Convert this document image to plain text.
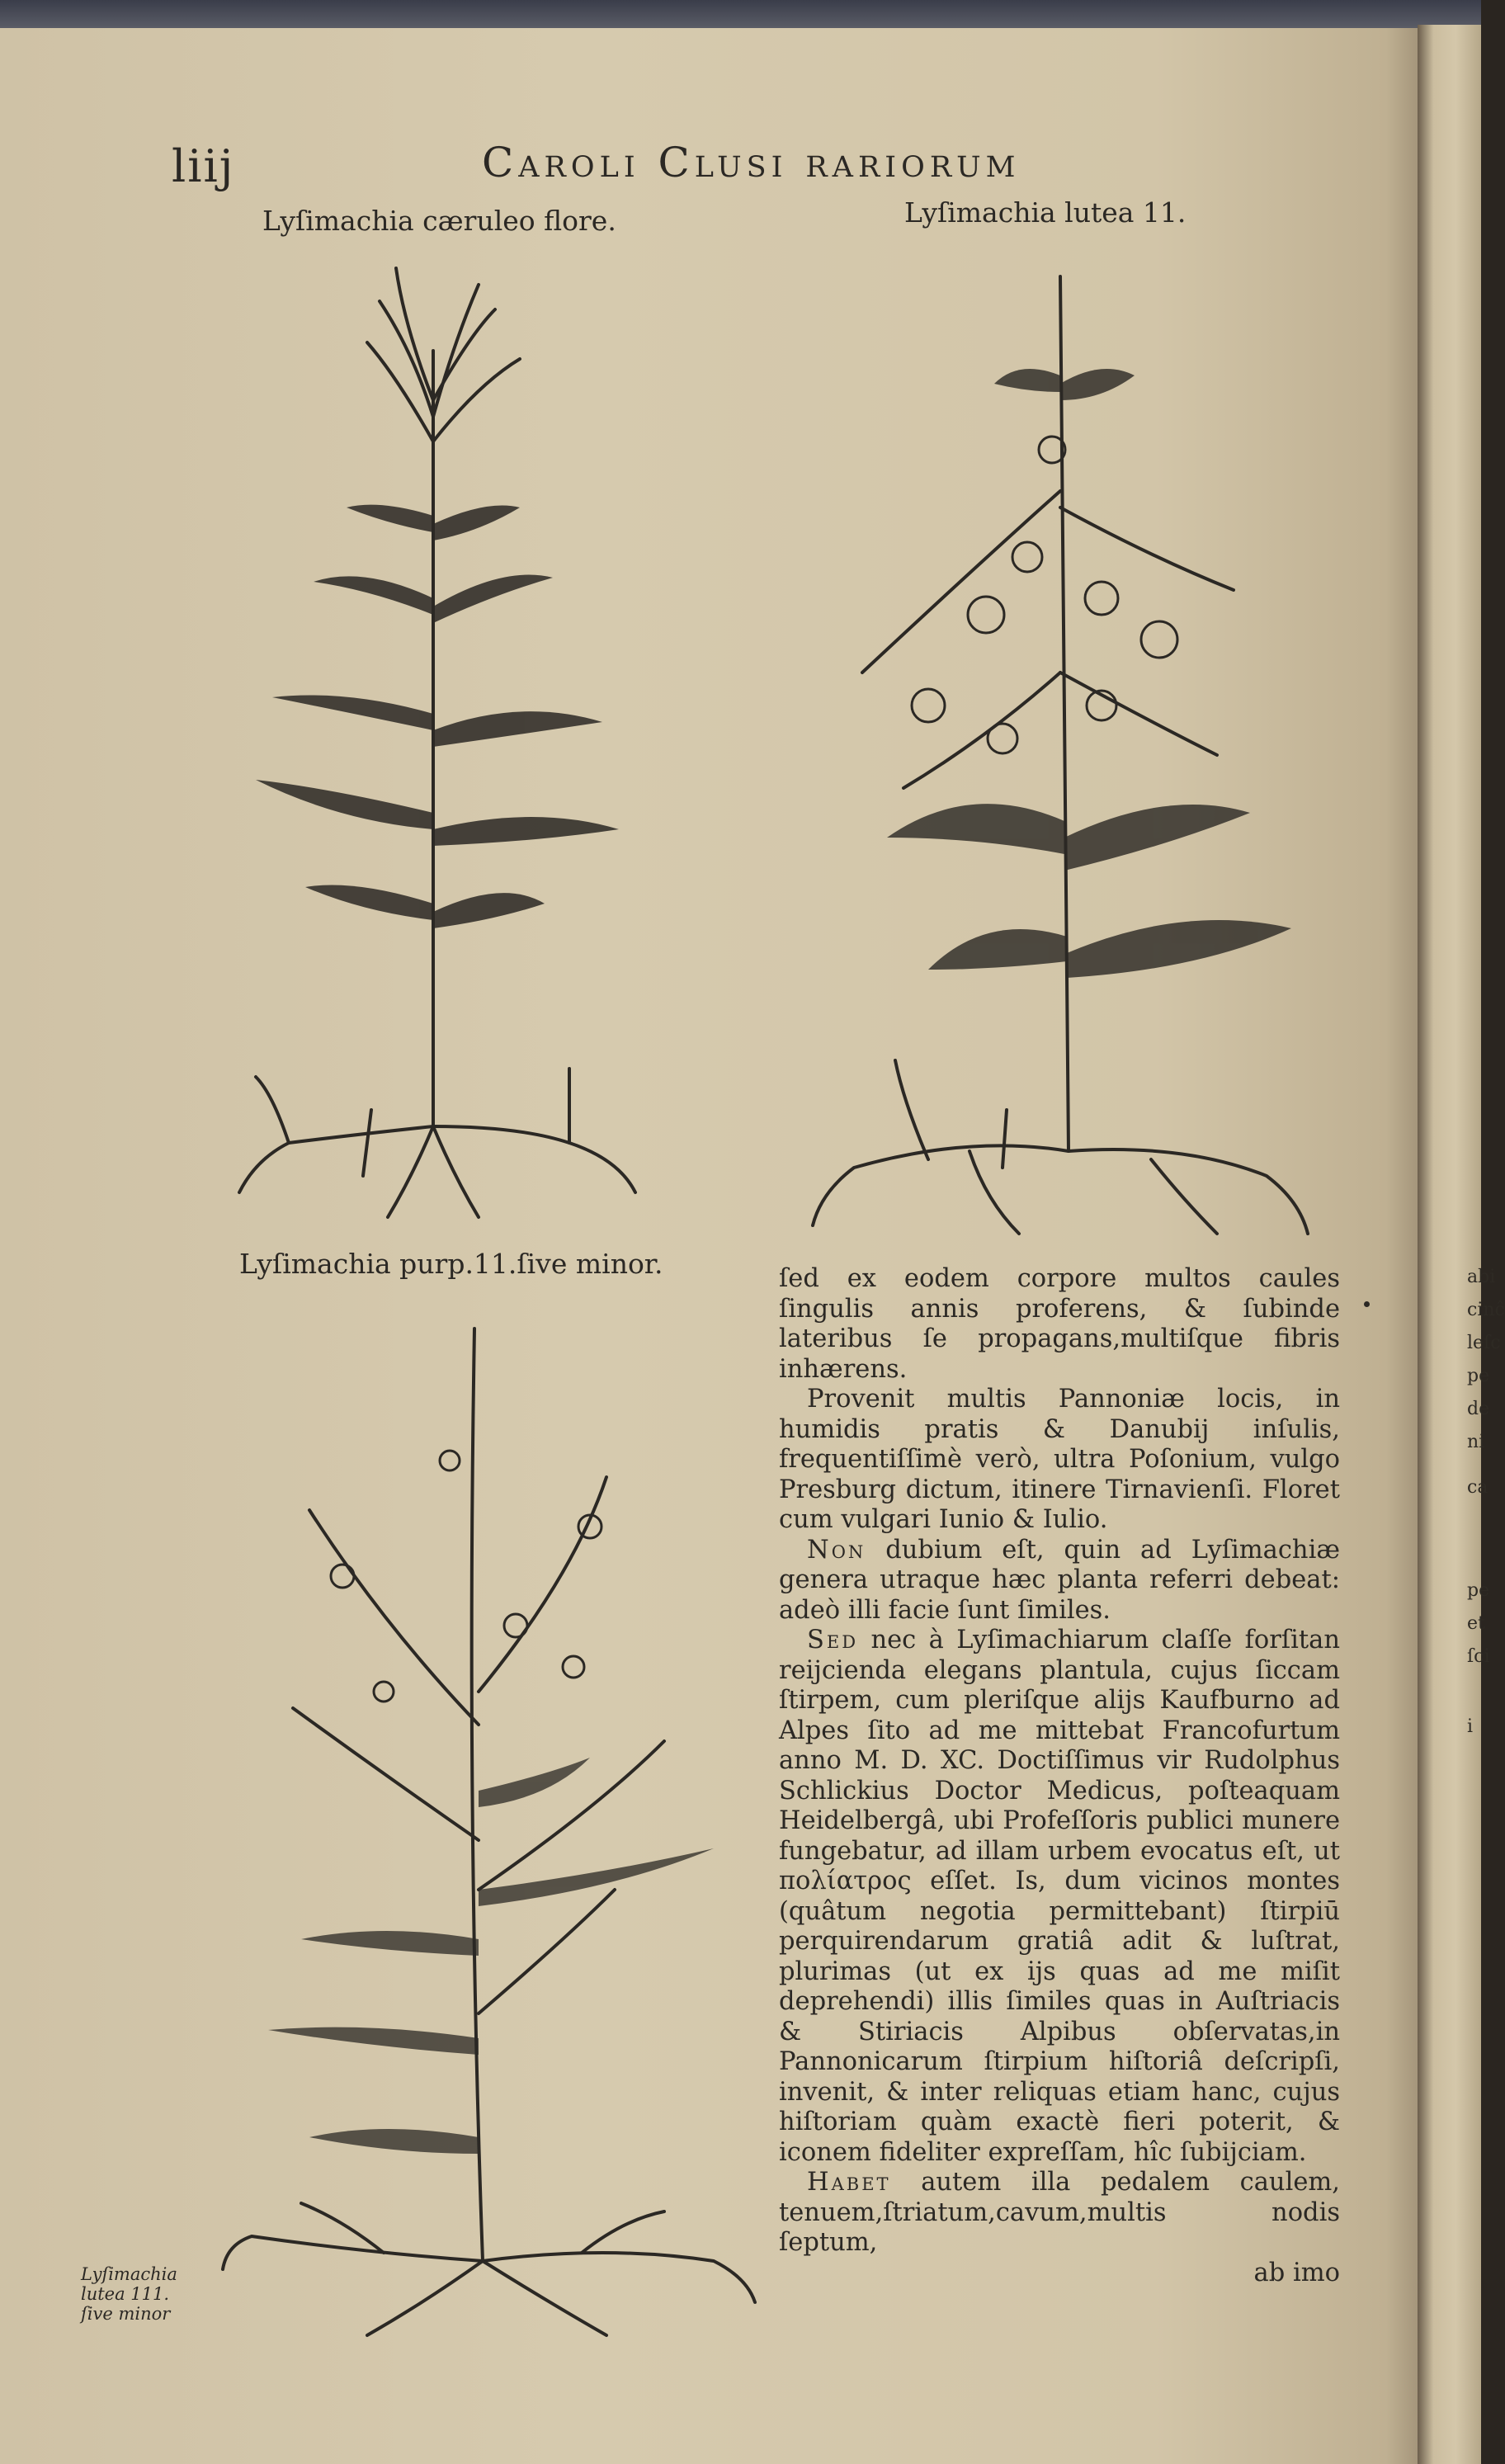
abi
cinĉ
leſc
pe
de
ni
ca
pe
et
ſci
i
liij	Caroli Clusi rariorum
Lyſimachia cæruleo flore.	Lyſimachia lutea 11.
Lyſimachia purp.11.ſive minor.
Lyſimachia
lutea 111.
ſive minor

ſed ex eodem corpore multos caules ſingulis annis proferens, & ſubinde lateribus ſe propagans,multiſque fibris inhærens.

Provenit multis Pannoniæ locis, in humidis pratis & Danubij inſulis, frequentiſſimè verò, ultra Poſonium, vulgo Presburg dictum, itinere Tirnavienſi. Floret cum vulgari Iunio & Iulio.

Non dubium eſt, quin ad Lyſimachiæ genera utraque hæc planta referri debeat: adeò illi facie ſunt ſimiles.

Sed nec à Lyſimachiarum claſſe forſitan reijcienda elegans plantula, cujus ſiccam ſtirpem, cum pleriſque alijs Kaufburno ad Alpes ſito ad me mittebat Francofurtum anno M. D. XC. Doctiſſimus vir Rudolphus Schlickius Doctor Medicus, poſteaquam Heidelbergâ, ubi Profeſſoris publici munere fungebatur, ad illam urbem evocatus eſt, ut πολίατρος eſſet. Is, dum vicinos montes (quâtum negotia permittebant) ſtirpiū perquirendarum gratiâ adit & luſtrat, plurimas (ut ex ijs quas ad me miſit deprehendi) illis ſimiles quas in Auſtriacis & Stiriacis Alpibus obſervatas,in Pannonicarum ſtirpium hiſtoriâ deſcripſi, invenit, & inter reliquas etiam hanc, cujus hiſtoriam quàm exactè fieri poterit, & iconem fideliter expreſſam, hîc ſubijciam.

Habet autem illa pedalem caulem, tenuem,ſtriatum,cavum,multis nodis ſeptum,

ab imo
